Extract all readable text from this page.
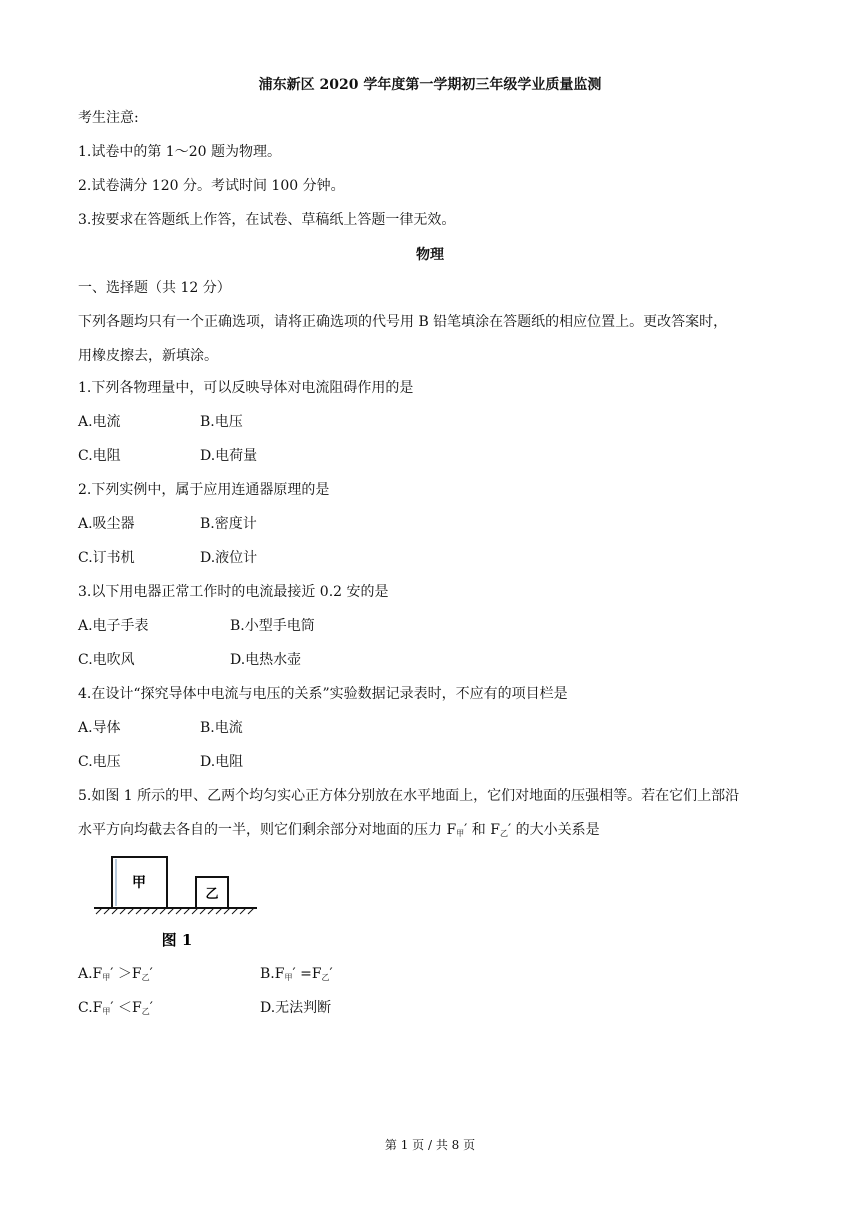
浦东新区 2020 学年度第一学期初三年级学业质量监测
考生注意:
1.试卷中的第 1～20 题为物理。
2.试卷满分 120 分。考试时间 100 分钟。
3.按要求在答题纸上作答，在试卷、草稿纸上答题一律无效。
物理
一、选择题（共 12 分）
下列各题均只有一个正确选项，请将正确选项的代号用 B 铅笔填涂在答题纸的相应位置上。更改答案时，
用橡皮擦去，新填涂。
1.下列各物理量中，可以反映导体对电流阻碍作用的是
A.电流	B.电压
C.电阻	D.电荷量
2.下列实例中，属于应用连通器原理的是
A.吸尘器	B.密度计
C.订书机	D.液位计
3.以下用电器正常工作时的电流最接近 0.2 安的是
A.电子手表	B.小型手电筒
C.电吹风	D.电热水壶
4.在设计“探究导体中电流与电压的关系”实验数据记录表时，不应有的项目栏是
A.导体	B.电流
C.电压	D.电阻
5.如图 1 所示的甲、乙两个均匀实心正方体分别放在水平地面上，它们对地面的压强相等。若在它们上部沿
水平方向均截去各自的一半，则它们剩余部分对地面的压力 F甲′ 和 F乙′ 的大小关系是
甲
乙
图 1
A.F甲′ ＞F乙′	B.F甲′ =F乙′
C.F甲′ ＜F乙′	D.无法判断
第 1 页 / 共 8 页
